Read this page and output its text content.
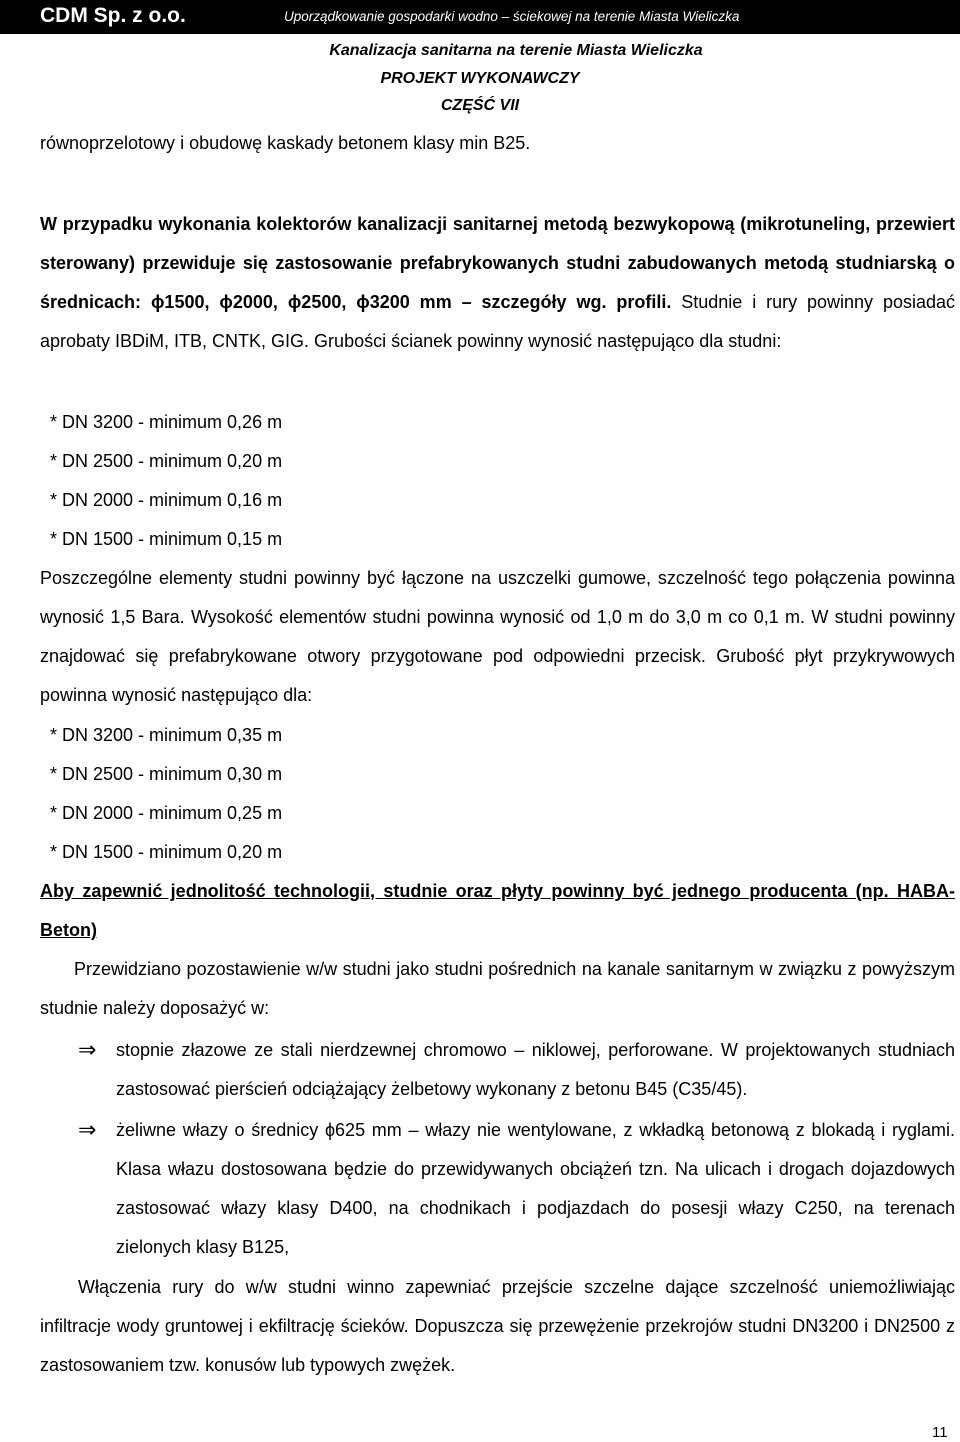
CDM Sp. z o.o.	Uporządkowanie gospodarki wodno – ściekowej na terenie Miasta Wieliczka
Kanalizacja sanitarna na terenie Miasta Wieliczka
PROJEKT WYKONAWCZY
CZĘŚĆ VII

równoprzelotowy i obudowę kaskady betonem klasy min B25.

W przypadku wykonania kolektorów kanalizacji sanitarnej metodą bezwykopową (mikrotuneling, przewiert sterowany) przewiduje się zastosowanie prefabrykowanych studni zabudowanych metodą studniarską o średnicach: ϕ1500, ϕ2000, ϕ2500, ϕ3200 mm – szczegóły wg. profili. Studnie i rury powinny posiadać aprobaty IBDiM, ITB, CNTK, GIG. Grubości ścianek powinny wynosić następująco dla studni:

* DN 3200 - minimum 0,26 m

* DN 2500 - minimum 0,20 m

* DN 2000 - minimum 0,16 m

* DN 1500 - minimum 0,15 m

Poszczególne elementy studni powinny być łączone na uszczelki gumowe, szczelność tego połączenia powinna wynosić 1,5 Bara. Wysokość elementów studni powinna wynosić od 1,0 m do 3,0 m co 0,1 m. W studni powinny znajdować się prefabrykowane otwory przygotowane pod odpowiedni przecisk. Grubość płyt przykrywowych powinna wynosić następująco dla:

* DN 3200 - minimum 0,35 m

* DN 2500 - minimum 0,30 m

* DN 2000 - minimum 0,25 m

* DN 1500 - minimum 0,20 m

Aby zapewnić jednolitość technologii, studnie oraz płyty powinny być jednego producenta (np. HABA-Beton)

Przewidziano pozostawienie w/w studni jako studni pośrednich na kanale sanitarnym w związku z powyższym studnie należy doposażyć w:

⇒ stopnie złazowe ze stali nierdzewnej chromowo – niklowej, perforowane. W projektowanych studniach zastosować pierścień odciążający żelbetowy wykonany z betonu B45 (C35/45).

⇒ żeliwne włazy o średnicy ϕ625 mm – włazy nie wentylowane, z wkładką betonową z blokadą i ryglami. Klasa włazu dostosowana będzie do przewidywanych obciążeń tzn. Na ulicach i drogach dojazdowych zastosować włazy klasy D400, na chodnikach i podjazdach do posesji włazy C250, na terenach zielonych klasy B125,

Włączenia rury do w/w studni winno zapewniać przejście szczelne dające szczelność uniemożliwiając infiltracje wody gruntowej i ekfiltrację ścieków. Dopuszcza się przewężenie przekrojów studni DN3200 i DN2500 z zastosowaniem tzw. konusów lub typowych zwężek.

11
